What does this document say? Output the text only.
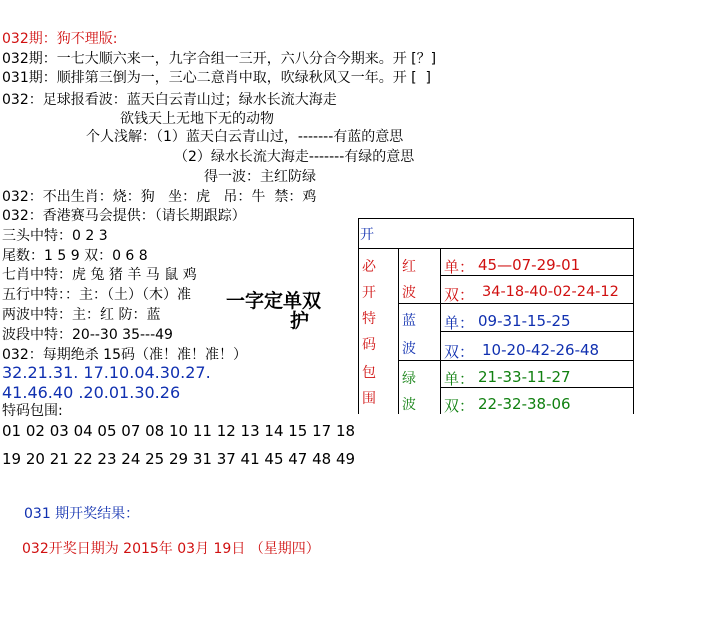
032期：狗不理版:
032期：一七大顺六来一，九字合组一三开，六八分合今期来。开 [？]
031期：顺排第三倒为一，三心二意肖中取，吹绿秋风又一年。开 [  ]
032：足球报看波：蓝天白云青山过；绿水长流大海走
欲钱天上无地下无的动物
个人浅解：（1）蓝天白云青山过，-------有蓝的意思
（2）绿水长流大海走-------有绿的意思
得一波：主红防绿
032：不出生肖：烧：狗   坐：虎   吊：牛  禁：鸡
032：香港赛马会提供：（请长期跟踪）
三头中特：0 2 3
尾数：1 5 9 双：0 6 8
七肖中特：虎 兔 猪 羊 马 鼠 鸡
五行中特：：主：（土）（木）准
两波中特：主：红 防：蓝
波段中特：20--30 35---49
032：每期绝杀 15码（准！准！准！）
32.21.31. 17.10.04.30.27.
41.46.40 .20.01.30.26
特码包围:
01 02 03 04 05 07 08 10 11 12 13 14 15 17 18
19 20 21 22 23 24 25 29 31 37 41 45 47 48 49
031 期开奖结果：
032开奖日期为 2015年 03月 19日 （星期四）
一字定单双
护
开
必
开
特
码
包
围
红
波
单： 45—07-29-01
双： 34-18-40-02-24-12
蓝
波
单： 09-31-15-25
双： 10-20-42-26-48
绿
波
单： 21-33-11-27
双： 22-32-38-06
